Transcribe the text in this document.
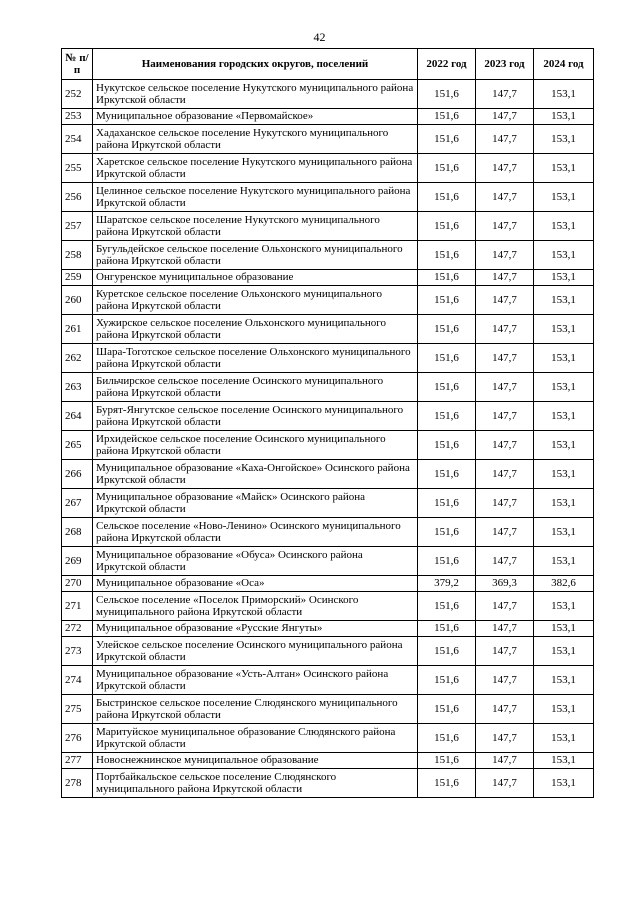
42
№ п/п	Наименования городских округов, поселений	2022 год	2023 год	2024 год
252	Нукутское сельское поселение Нукутского муниципального района Иркутской области	151,6	147,7	153,1
253	Муниципальное образование «Первомайское»	151,6	147,7	153,1
254	Хадаханское сельское поселение Нукутского муниципального района Иркутской области	151,6	147,7	153,1
255	Харетское сельское поселение Нукутского муниципального района Иркутской области	151,6	147,7	153,1
256	Целинное сельское поселение Нукутского муниципального района Иркутской области	151,6	147,7	153,1
257	Шаратское сельское поселение Нукутского муниципального района Иркутской области	151,6	147,7	153,1
258	Бугульдейское сельское поселение Ольхонского муниципального района Иркутской области	151,6	147,7	153,1
259	Онгуренское муниципальное образование	151,6	147,7	153,1
260	Куретское сельское поселение Ольхонского муниципального района Иркутской области	151,6	147,7	153,1
261	Хужирское сельское поселение Ольхонского муниципального района Иркутской области	151,6	147,7	153,1
262	Шара-Тоготское сельское поселение Ольхонского муниципального района Иркутской области	151,6	147,7	153,1
263	Бильчирское сельское поселение Осинского муниципального района Иркутской области	151,6	147,7	153,1
264	Бурят-Янгутское сельское поселение Осинского муниципального района Иркутской области	151,6	147,7	153,1
265	Ирхидейское сельское поселение Осинского муниципального района Иркутской области	151,6	147,7	153,1
266	Муниципальное образование «Каха-Онгойское» Осинского района Иркутской области	151,6	147,7	153,1
267	Муниципальное образование «Майск» Осинского района Иркутской области	151,6	147,7	153,1
268	Сельское поселение «Ново-Ленино» Осинского муниципального района Иркутской области	151,6	147,7	153,1
269	Муниципальное образование «Обуса» Осинского района Иркутской области	151,6	147,7	153,1
270	Муниципальное образование «Оса»	379,2	369,3	382,6
271	Сельское поселение «Поселок Приморский» Осинского муниципального района Иркутской области	151,6	147,7	153,1
272	Муниципальное образование «Русские Янгуты»	151,6	147,7	153,1
273	Улейское сельское поселение Осинского муниципального района Иркутской области	151,6	147,7	153,1
274	Муниципальное образование «Усть-Алтан» Осинского района Иркутской области	151,6	147,7	153,1
275	Быстринское сельское поселение Слюдянского муниципального района Иркутской области	151,6	147,7	153,1
276	Маритуйское муниципальное образование Слюдянского района Иркутской области	151,6	147,7	153,1
277	Новоснежнинское муниципальное образование	151,6	147,7	153,1
278	Портбайкальское сельское поселение Слюдянского муниципального района Иркутской области	151,6	147,7	153,1
